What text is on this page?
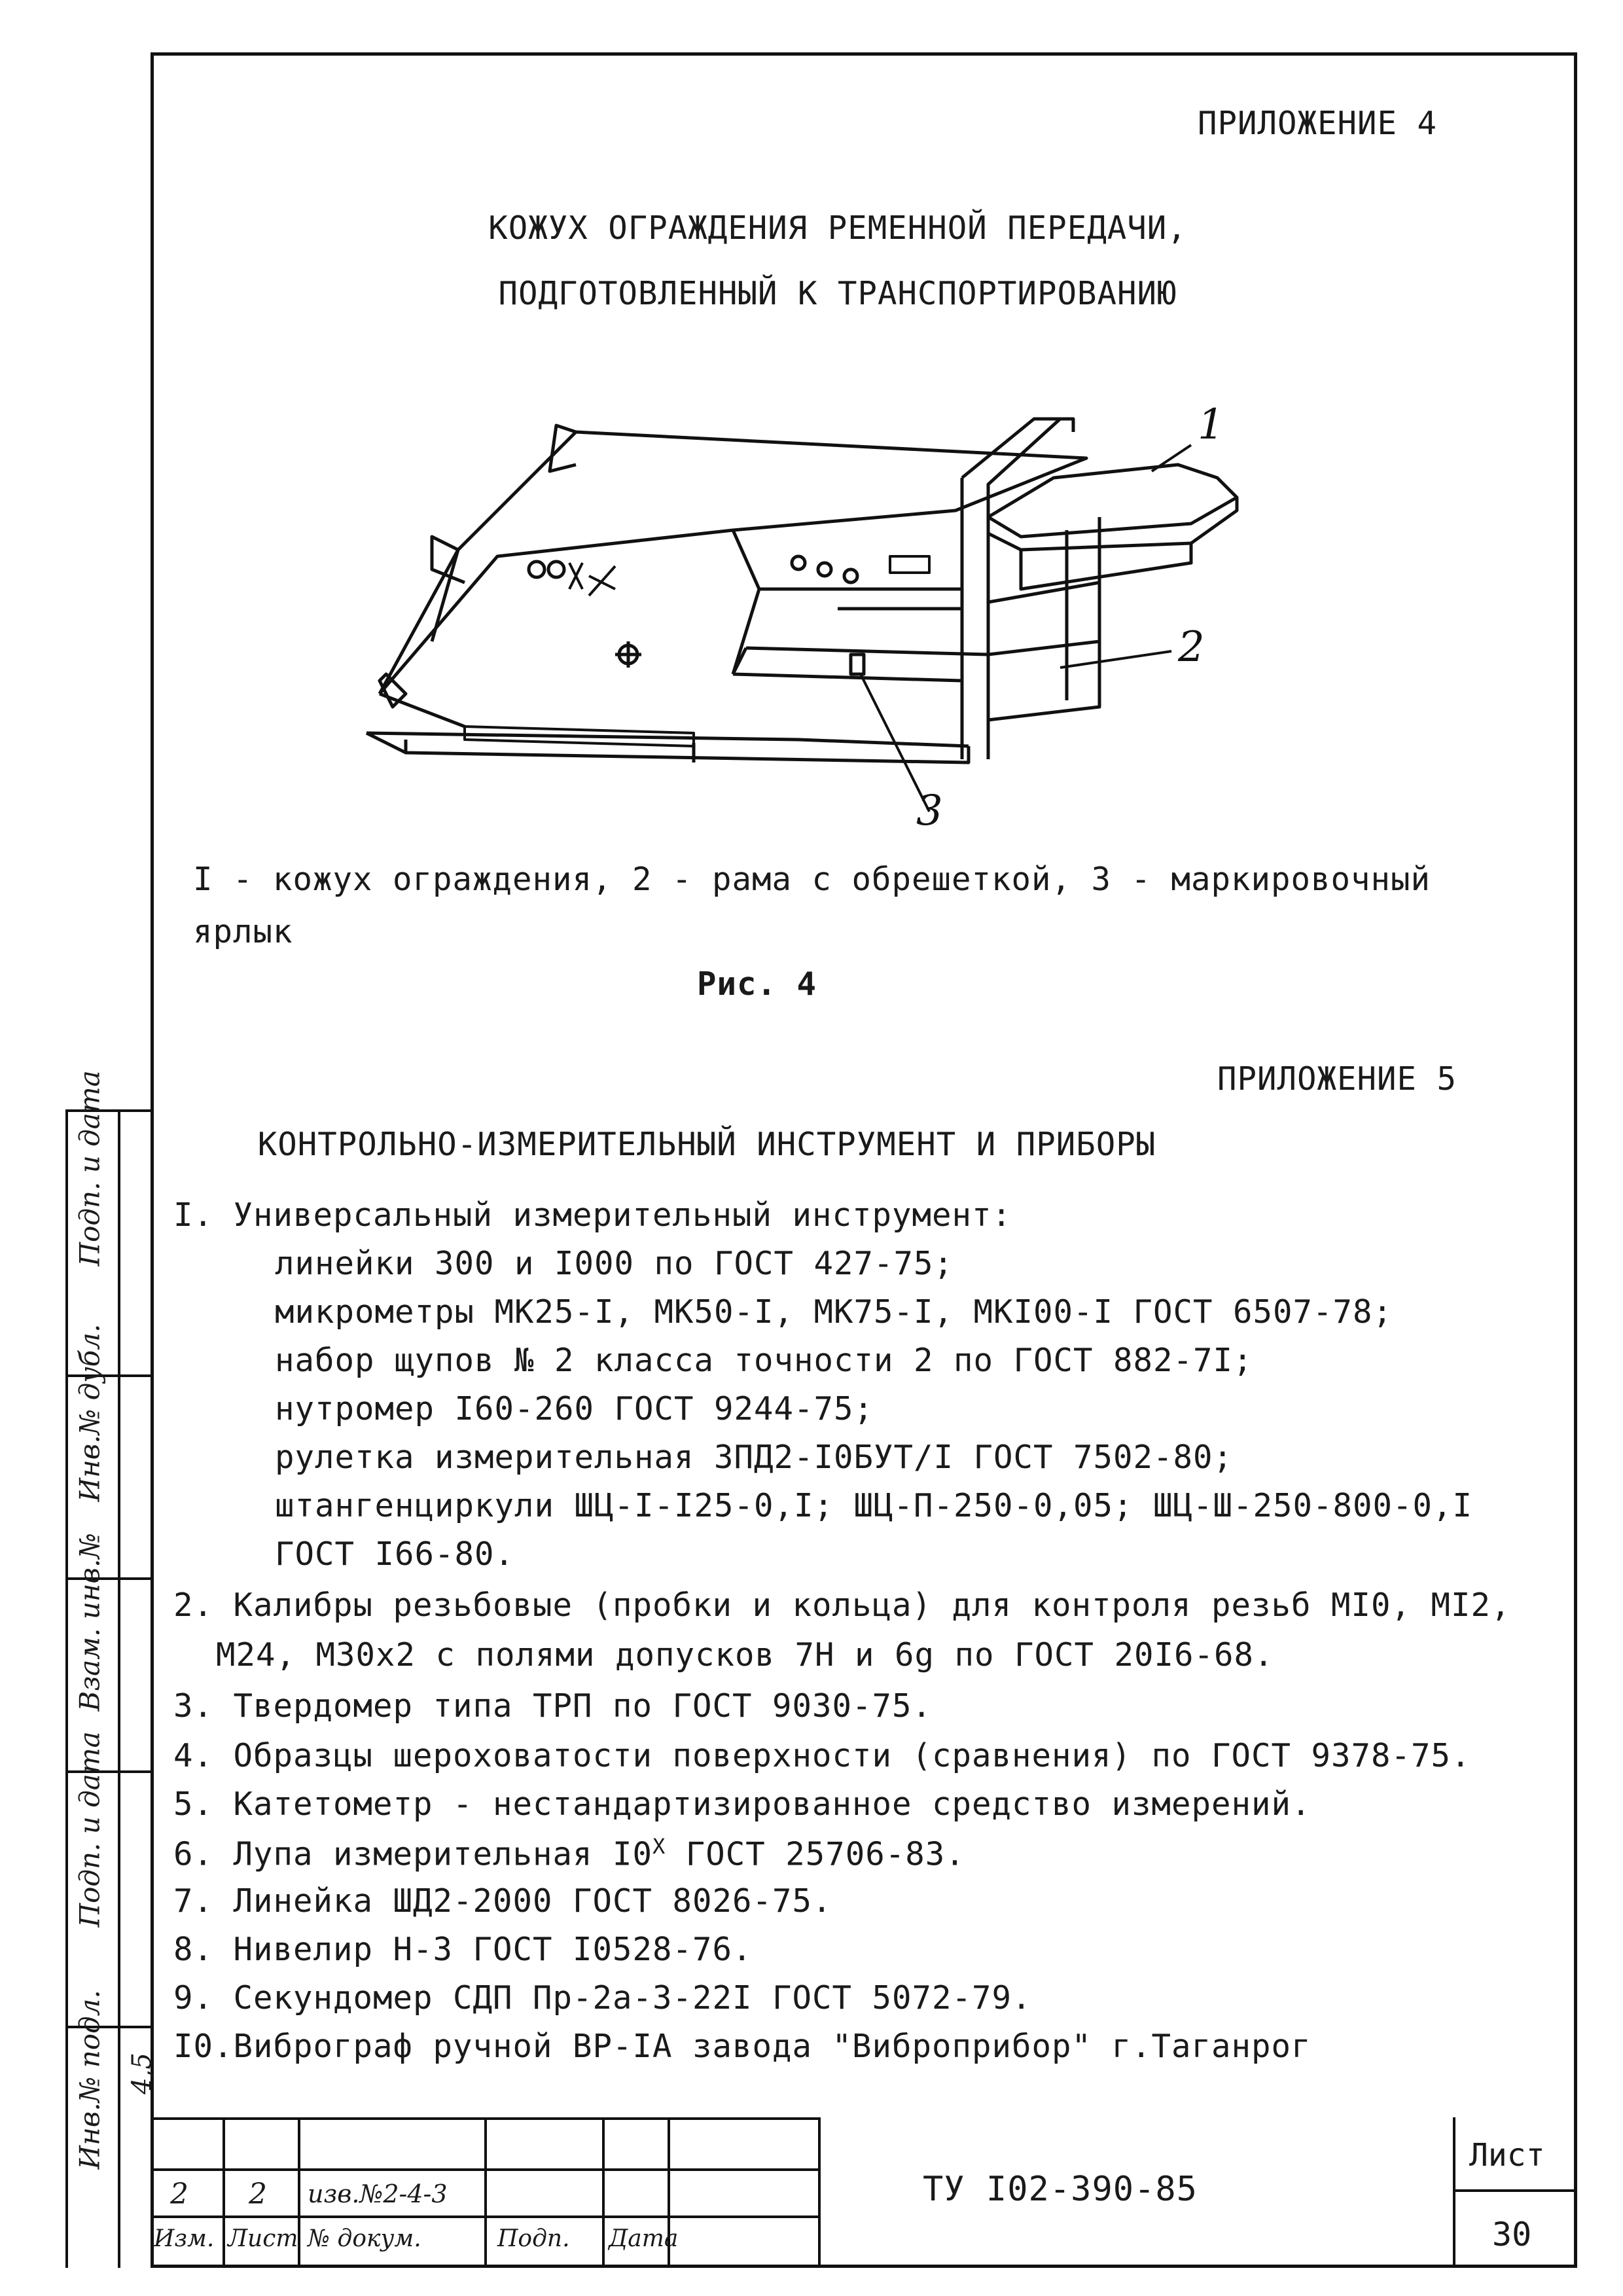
ПРИЛОЖЕНИЕ 4
КОЖУХ ОГРАЖДЕНИЯ РЕМЕННОЙ ПЕРЕДАЧИ,
ПОДГОТОВЛЕННЫЙ К ТРАНСПОРТИРОВАНИЮ
1
2
3
I - кожух ограждения, 2 - рама с обрешеткой, 3 - маркировочный
ярлык
Рис. 4
ПРИЛОЖЕНИЕ 5
КОНТРОЛЬНО-ИЗМЕРИТЕЛЬНЫЙ ИНСТРУМЕНТ И ПРИБОРЫ
I. Универсальный измерительный инструмент:
линейки 300 и I000 по ГОСТ 427-75;
микрометры МК25-I, МК50-I, МК75-I, МКI00-I ГОСТ 6507-78;
набор щупов № 2 класса точности 2 по ГОСТ 882-7I;
нутромер I60-260 ГОСТ 9244-75;
рулетка измерительная ЗПД2-I0БУТ/I ГОСТ 7502-80;
штангенциркули ШЦ-I-I25-0,I; ШЦ-П-250-0,05; ШЦ-Ш-250-800-0,I
ГОСТ I66-80.
2. Калибры резьбовые (пробки и кольца) для контроля резьб МI0, МI2,
М24, М30х2 с полями допусков 7Н и 6g по ГОСТ 20I6-68.
3. Твердомер типа ТРП по ГОСТ 9030-75.
4. Образцы шероховатости поверхности (сравнения) по ГОСТ 9378-75.
5. Катетометр - нестандартизированное средство измерений.
6. Лупа измерительная $I0^X$ ГОСТ 25706-83.
7. Линейка ШД2-2000 ГОСТ 8026-75.
8. Нивелир Н-3 ГОСТ I0528-76.
9. Секундомер СДП Пр-2а-3-22I ГОСТ 5072-79.
I0.Виброграф ручной ВР-IА завода "Виброприбор" г.Таганрог
Подп. и дата
Взам. инв.№
Инв.№ дубл.
Подп. и дата
Инв.№ подл. 4,5
2 2 изв.№2-4-3
Изм. Лист № докум.	Подп. Дата
ТУ I02-390-85
Лист
30
